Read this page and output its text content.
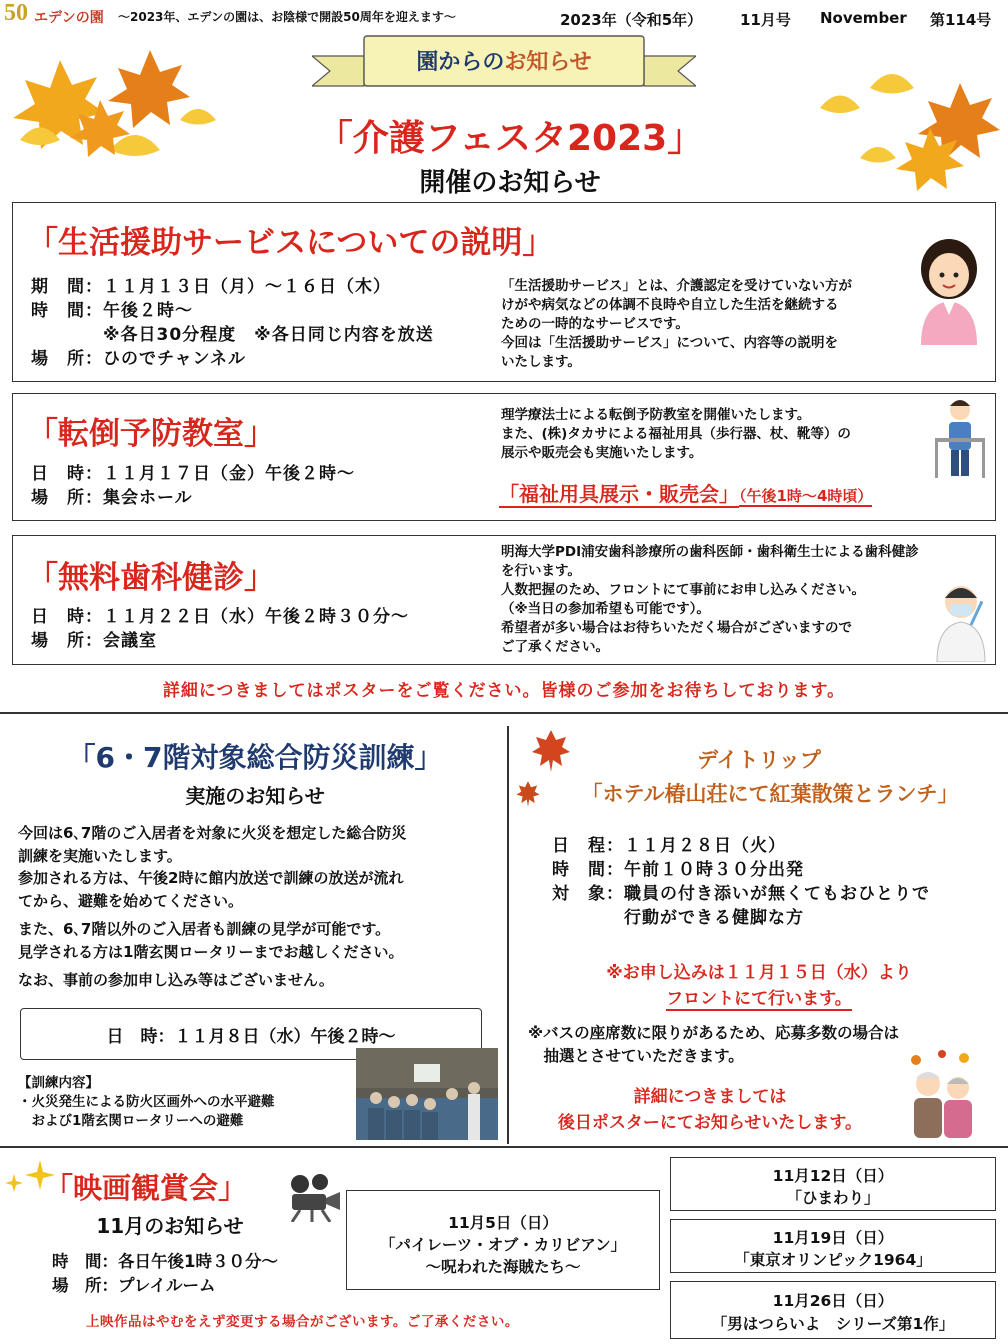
50 エデンの園 ～2023年、エデンの園は、お陰様で開設50周年を迎えます～	2023年（令和5年）	11月号 November 第114号
園からのお知らせ
「介護フェスタ2023」
開催のお知らせ
「生活援助サービスについての説明」
期　間：１１月１３日（月）～１６日（木）
時　間：午後２時～
　　　　※各日30分程度　※各日同じ内容を放送
場　所：ひのでチャンネル
「生活援助サービス」とは、介護認定を受けていない方が
けがや病気などの体調不良時や自立した生活を継続する
ための一時的なサービスです。
今回は「生活援助サービス」について、内容等の説明を
いたします。
「転倒予防教室」
日　時：１１月１７日（金）午後２時～
場　所：集会ホール
理学療法士による転倒予防教室を開催いたします。
また、(株)タカサによる福祉用具（歩行器、杖、靴等）の
展示や販売会も実施いたします。
「福祉用具展示・販売会」（午後1時～4時頃）
「無料歯科健診」
日　時：１１月２２日（水）午後２時３０分～
場　所：会議室
明海大学PDI浦安歯科診療所の歯科医師・歯科衛生士による歯科健診
を行います。
人数把握のため、フロントにて事前にお申し込みください。
（※当日の参加希望も可能です）。
希望者が多い場合はお待ちいただく場合がございますので
ご了承ください。
詳細につきましてはポスターをご覧ください。皆様のご参加をお待ちしております。
「6・7階対象総合防災訓練」
実施のお知らせ
今回は6､7階のご入居者を対象に火災を想定した総合防災
訓練を実施いたします。
参加される方は、午後2時に館内放送で訓練の放送が流れ
てから、避難を始めてください。
また、6､7階以外のご入居者も訓練の見学が可能です。
見学される方は1階玄関ロータリーまでお越しください。
なお、事前の参加申し込み等はございません。
日　時：１１月８日（水）午後２時～
【訓練内容】
・火災発生による防火区画外への水平避難
　および1階玄関ロータリーへの避難
デイトリップ
「ホテル椿山荘にて紅葉散策とランチ」
日　程：１１月２８日（火）
時　間：午前１０時３０分出発
対　象：職員の付き添いが無くてもおひとりで
　　　　行動ができる健脚な方
※お申し込みは１１月１５日（水）より
フロントにて行います。
※バスの座席数に限りがあるため、応募多数の場合は
　抽選とさせていただきます。
詳細につきましては
後日ポスターにてお知らせいたします。
「映画観賞会」
11月のお知らせ
時　間：各日午後1時３０分～
場　所：プレイルーム
上映作品はやむをえず変更する場合がございます。ご了承ください。
11月5日（日）
「パイレーツ・オブ・カリビアン」
～呪われた海賊たち～
11月12日（日）
「ひまわり」
11月19日（日）
「東京オリンピック1964」
11月26日（日）
「男はつらいよ　シリーズ第1作」
